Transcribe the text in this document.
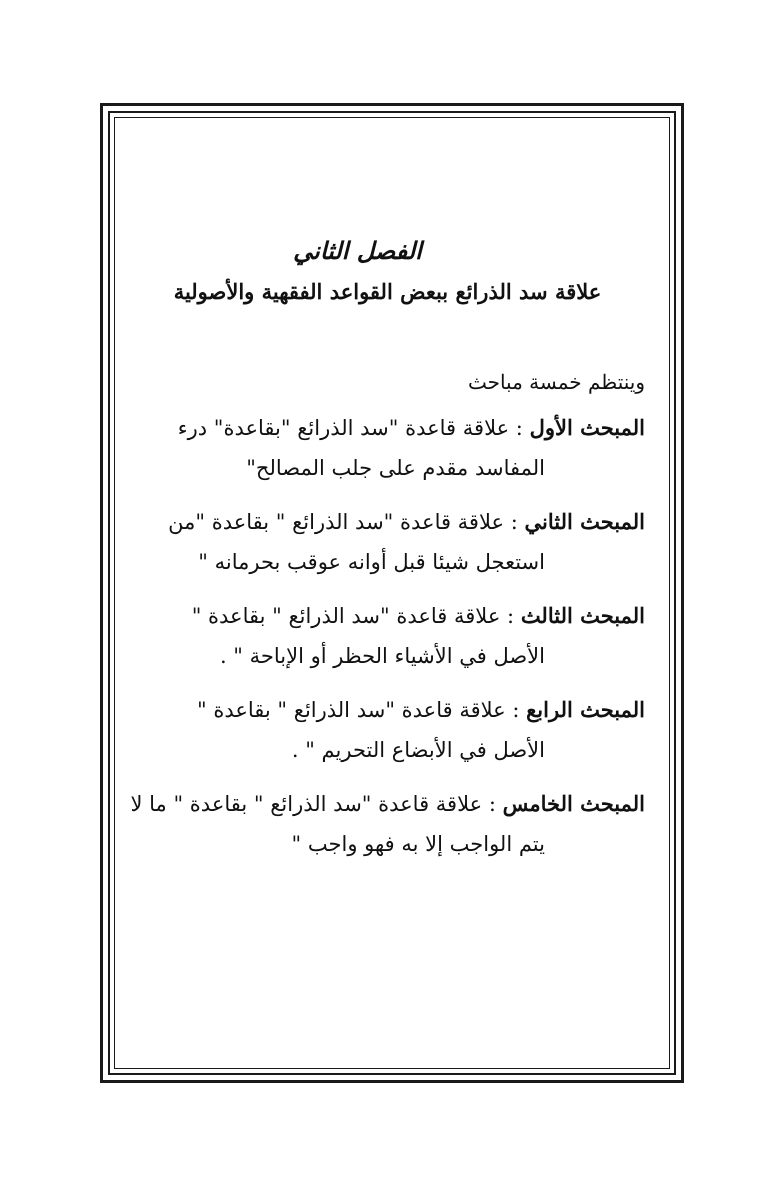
الفصل الثاني
علاقة سد الذرائع ببعض القواعد الفقهية والأصولية
وينتظم خمسة مباحث
المبحث الأول : علاقة قاعدة "سد الذرائع "بقاعدة" درء
المفاسد مقدم على جلب المصالح"
المبحث الثاني : علاقة قاعدة "سد الذرائع " بقاعدة "من
استعجل شيئا قبل أوانه عوقب بحرمانه "
المبحث الثالث : علاقة قاعدة "سد الذرائع " بقاعدة "
الأصل في الأشياء الحظر أو الإباحة " .
المبحث الرابع : علاقة قاعدة "سد الذرائع " بقاعدة "
الأصل في الأبضاع التحريم " .
المبحث الخامس : علاقة قاعدة "سد الذرائع " بقاعدة " ما لا
يتم الواجب إلا به فهو واجب "
